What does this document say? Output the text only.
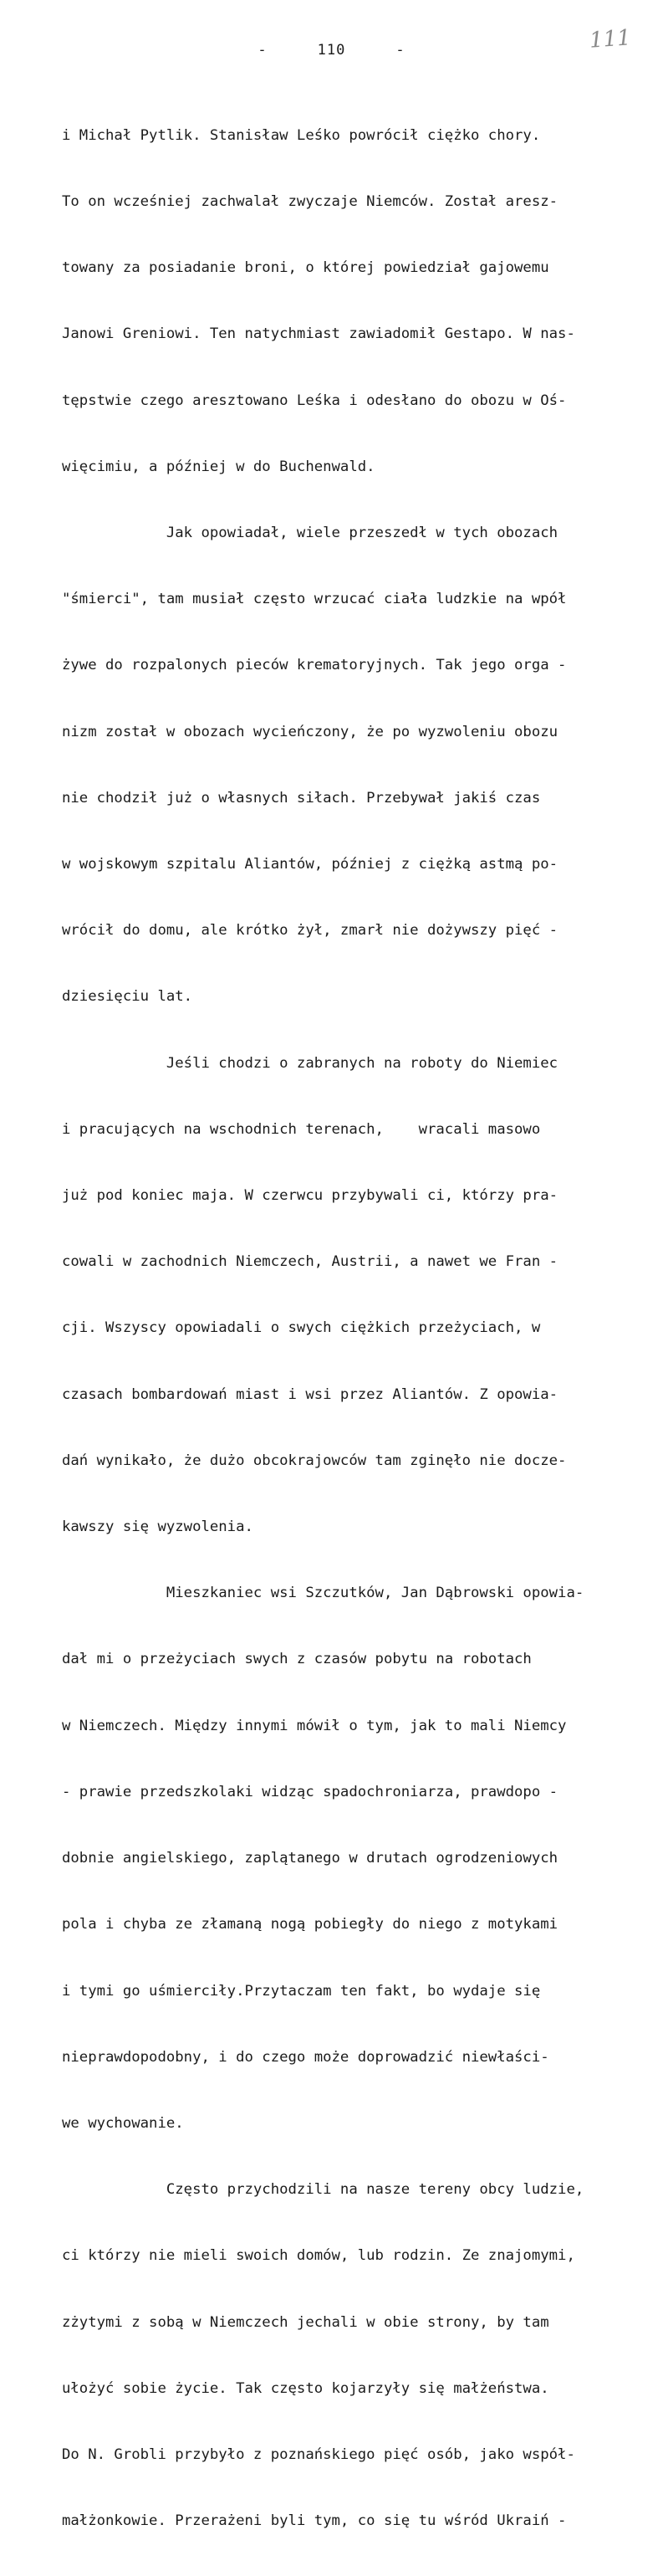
-	110	-	111

i Michał Pytlik. Stanisław Leśko powrócił ciężko chory.

To on wcześniej zachwalał zwyczaje Niemców. Został aresz-

towany za posiadanie broni, o której powiedział gajowemu

Janowi Greniowi. Ten natychmiast zawiadomił Gestapo. W nas-

tępstwie czego aresztowano Leśka i odesłano do obozu w Oś-

więcimiu, a później w do Buchenwald.

Jak opowiadał, wiele przeszedł w tych obozach

"śmierci", tam musiał często wrzucać ciała ludzkie na wpół

żywe do rozpalonych pieców krematoryjnych. Tak jego orga -

nizm został w obozach wycieńczony, że po wyzwoleniu obozu

nie chodził już o własnych siłach. Przebywał jakiś czas

w wojskowym szpitalu Aliantów, później z ciężką astmą po-

wrócił do domu, ale krótko żył, zmarł nie dożywszy pięć -

dziesięciu lat.

Jeśli chodzi o zabranych na roboty do Niemiec

i pracujących na wschodnich terenach,    wracali masowo

już pod koniec maja. W czerwcu przybywali ci, którzy pra-

cowali w zachodnich Niemczech, Austrii, a nawet we Fran -

cji. Wszyscy opowiadali o swych ciężkich przeżyciach, w

czasach bombardowań miast i wsi przez Aliantów. Z opowia-

dań wynikało, że dużo obcokrajowców tam zginęło nie docze-

kawszy się wyzwolenia.

Mieszkaniec wsi Szczutków, Jan Dąbrowski opowia-

dał mi o przeżyciach swych z czasów pobytu na robotach

w Niemczech. Między innymi mówił o tym, jak to mali Niemcy

- prawie przedszkolaki widząc spadochroniarza, prawdopo -

dobnie angielskiego, zaplątanego w drutach ogrodzeniowych

pola i chyba ze złamaną nogą pobiegły do niego z motykami

i tymi go uśmierciły.Przytaczam ten fakt, bo wydaje się

nieprawdopodobny, i do czego może doprowadzić niewłaści-

we wychowanie.

Często przychodzili na nasze tereny obcy ludzie,

ci którzy nie mieli swoich domów, lub rodzin. Ze znajomymi,

zżytymi z sobą w Niemczech jechali w obie strony, by tam

ułożyć sobie życie. Tak często kojarzyły się małżeństwa.

Do N. Grobli przybyło z poznańskiego pięć osób, jako współ-

małżonkowie. Przerażeni byli tym, co się tu wśród Ukraiń -
